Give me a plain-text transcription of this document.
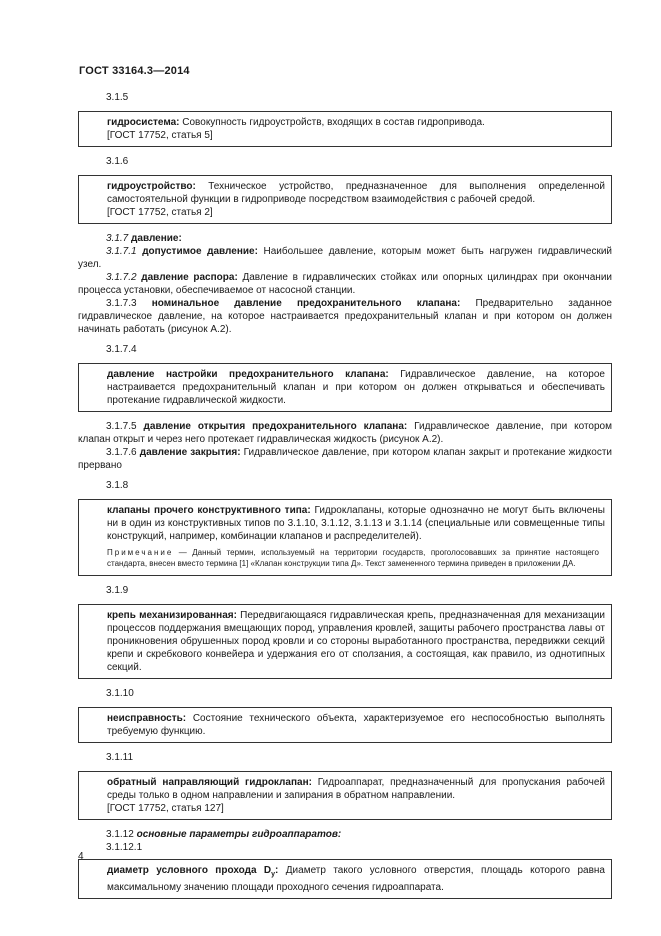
ГОСТ 33164.3—2014

3.1.5

гидросистема: Совокупность гидроустройств, входящих в состав гидропривода.

[ГОСТ 17752, статья 5]

3.1.6

гидроустройство: Техническое устройство, предназначенное для выполнения определенной самостоятельной функции в гидроприводе посредством взаимодействия с рабочей средой.

[ГОСТ 17752, статья 2]

3.1.7 давление:

3.1.7.1 допустимое давление: Наибольшее давление, которым может быть нагружен гидравлический узел.

3.1.7.2 давление распора: Давление в гидравлических стойках или опорных цилиндрах при окончании процесса установки, обеспечиваемое от насосной станции.

3.1.7.3 номинальное давление предохранительного клапана: Предварительно заданное гидравлическое давление, на которое настраивается предохранительный клапан и при котором он должен начинать работать (рисунок А.2).

3.1.7.4

давление настройки предохранительного клапана: Гидравлическое давление, на которое настраивается предохранительный клапан и при котором он должен открываться и обеспечивать протекание гидравлической жидкости.

3.1.7.5 давление открытия предохранительного клапана: Гидравлическое давление, при котором клапан открыт и через него протекает гидравлическая жидкость (рисунок А.2).

3.1.7.6 давление закрытия: Гидравлическое давление, при котором клапан закрыт и протекание жидкости прервано

3.1.8

клапаны прочего конструктивного типа: Гидроклапаны, которые однозначно не могут быть включены ни в один из конструктивных типов по 3.1.10, 3.1.12, 3.1.13 и 3.1.14 (специальные или совмещенные типы конструкций, например, комбинации клапанов и распределителей).

Примечание — Данный термин, используемый на территории государств, проголосовавших за принятие настоящего стандарта, внесен вместо термина [1] «Клапан конструкции типа Д». Текст замененного термина приведен в приложении ДА.

3.1.9

крепь механизированная: Передвигающаяся гидравлическая крепь, предназначенная для механизации процессов поддержания вмещающих пород, управления кровлей, защиты рабочего пространства лавы от проникновения обрушенных пород кровли и со стороны выработанного пространства, передвижки секций крепи и скребкового конвейера и удержания его от сползания, а состоящая, как правило, из однотипных секций.

3.1.10

неисправность: Состояние технического объекта, характеризуемое его неспособностью выполнять требуемую функцию.

3.1.11

обратный направляющий гидроклапан: Гидроаппарат, предназначенный для пропускания рабочей среды только в одном направлении и запирания в обратном направлении.

[ГОСТ 17752, статья 127]

3.1.12 основные параметры гидроаппаратов:

3.1.12.1

диаметр условного прохода $D_у$: Диаметр такого условного отверстия, площадь которого равна максимальному значению площади проходного сечения гидроаппарата.

4
